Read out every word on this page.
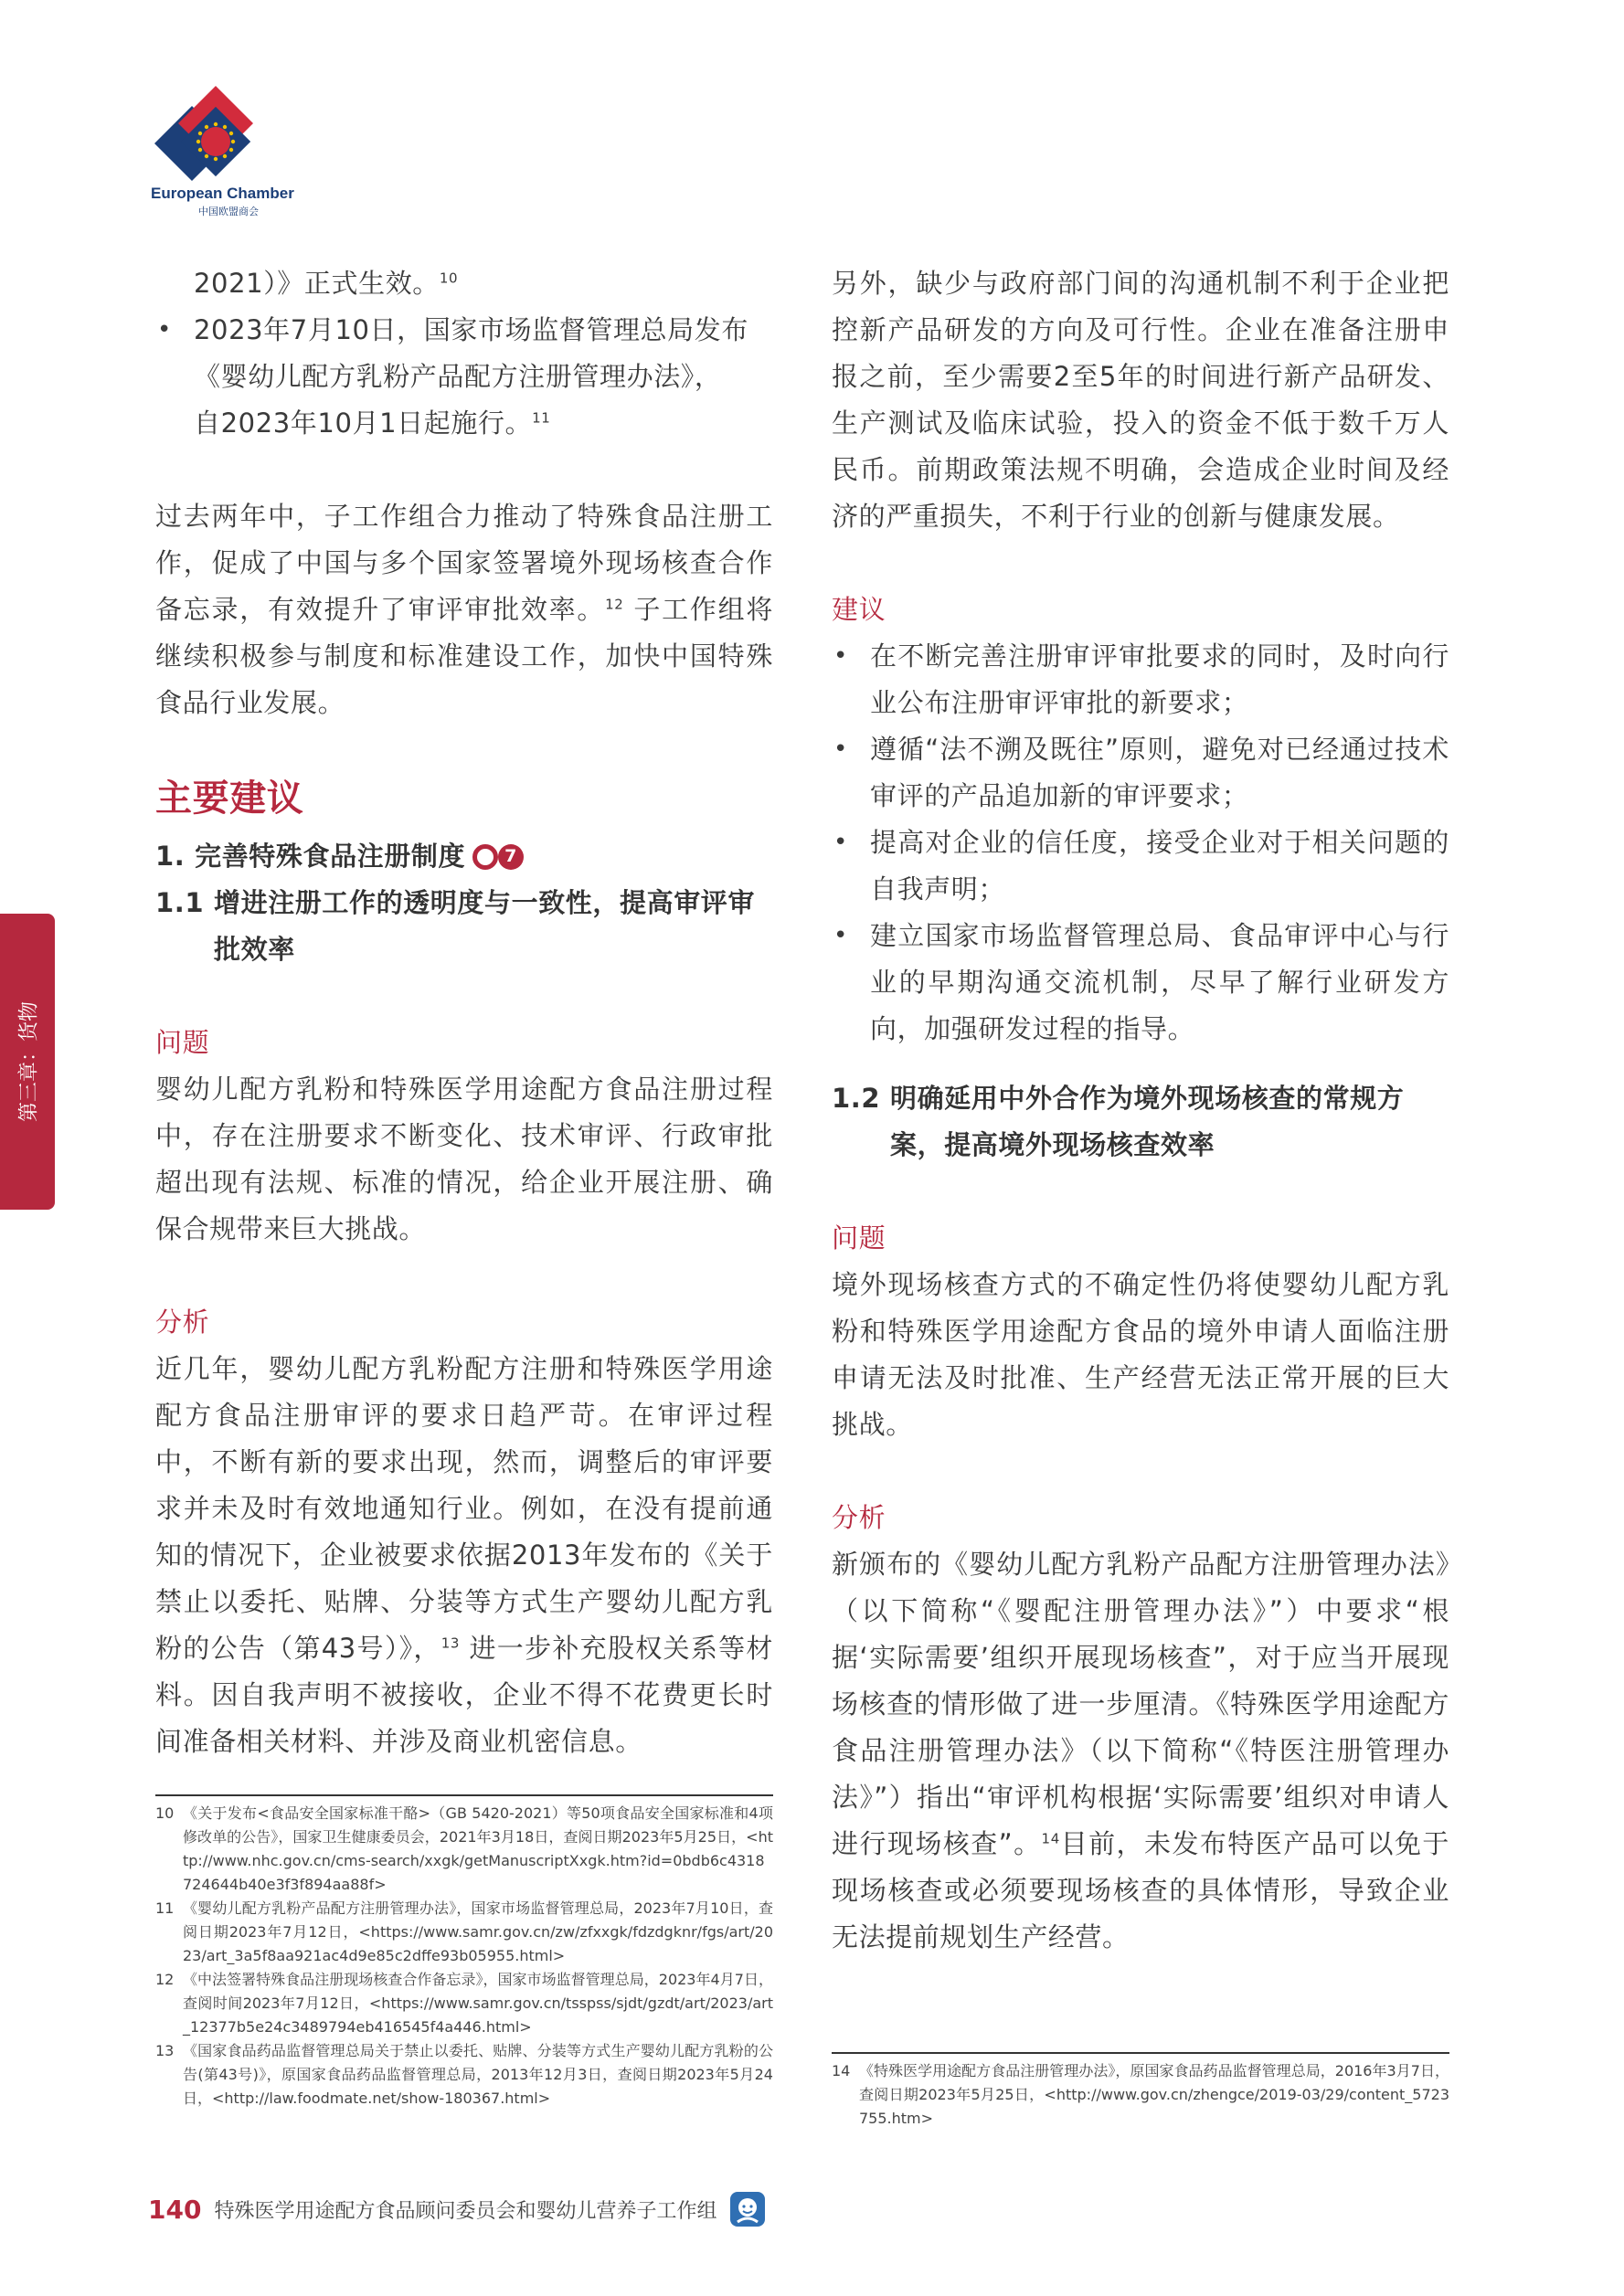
European Chamber
中国欧盟商会
第三章：货物
2021）》正式生效。$^{10}$
• 2023年7月10日，国家市场监督管理总局发布
《婴幼儿配方乳粉产品配方注册管理办法》，
自2023年10月1日起施行。$^{11}$

过去两年中，子工作组合力推动了特殊食品注册工作，促成了中国与多个国家签署境外现场核查合作备忘录，有效提升了审评审批效率。$^{12}$ 子工作组将继续积极参与制度和标准建设工作，加快中国特殊食品行业发展。

主要建议
1. 完善特殊食品注册制度	7
1.1 增进注册工作的透明度与一致性，提高审评审批效率
问题

婴幼儿配方乳粉和特殊医学用途配方食品注册过程中，存在注册要求不断变化、技术审评、行政审批超出现有法规、标准的情况，给企业开展注册、确保合规带来巨大挑战。

分析

近几年，婴幼儿配方乳粉配方注册和特殊医学用途配方食品注册审评的要求日趋严苛。在审评过程中，不断有新的要求出现，然而，调整后的审评要求并未及时有效地通知行业。例如，在没有提前通知的情况下，企业被要求依据2013年发布的《关于禁止以委托、贴牌、分装等方式生产婴幼儿配方乳粉的公告（第43号）》，$^{13}$ 进一步补充股权关系等材料。因自我声明不被接收，企业不得不花费更长时间准备相关材料、并涉及商业机密信息。

另外，缺少与政府部门间的沟通机制不利于企业把控新产品研发的方向及可行性。企业在准备注册申报之前，至少需要2至5年的时间进行新产品研发、生产测试及临床试验，投入的资金不低于数千万人民币。前期政策法规不明确，会造成企业时间及经济的严重损失，不利于行业的创新与健康发展。

建议
• 在不断完善注册审评审批要求的同时，及时向行业公布注册审评审批的新要求；
• 遵循“法不溯及既往”原则，避免对已经通过技术审评的产品追加新的审评要求；
• 提高对企业的信任度，接受企业对于相关问题的自我声明；
• 建立国家市场监督管理总局、食品审评中心与行业的早期沟通交流机制，尽早了解行业研发方向，加强研发过程的指导。
1.2 明确延用中外合作为境外现场核查的常规方案，提高境外现场核查效率
问题

境外现场核查方式的不确定性仍将使婴幼儿配方乳粉和特殊医学用途配方食品的境外申请人面临注册申请无法及时批准、生产经营无法正常开展的巨大挑战。

分析

新颁布的《婴幼儿配方乳粉产品配方注册管理办法》（以下简称“《婴配注册管理办法》”）中要求“根据‘实际需要’组织开展现场核查”，对于应当开展现场核查的情形做了进一步厘清。《特殊医学用途配方食品注册管理办法》（以下简称“《特医注册管理办法》”）指出“审评机构根据‘实际需要’组织对申请人进行现场核查”。$^{14}$目前，未发布特医产品可以免于现场核查或必须要现场核查的具体情形，导致企业无法提前规划生产经营。

10 《关于发布<食品安全国家标准干酪>（GB 5420-2021）等50项食品安全国家标准和4项修改单的公告》，国家卫生健康委员会，2021年3月18日，查阅日期2023年5月25日，<http://www.nhc.gov.cn/cms-search/xxgk/getManuscriptXxgk.htm?id=0bdb6c4318724644b40e3f3f894aa88f>
11 《婴幼儿配方乳粉产品配方注册管理办法》，国家市场监督管理总局，2023年7月10日，查阅日期2023年7月12日，<https://www.samr.gov.cn/zw/zfxxgk/fdzdgknr/fgs/art/2023/art_3a5f8aa921ac4d9e85c2dffe93b05955.html>
12 《中法签署特殊食品注册现场核查合作备忘录》，国家市场监督管理总局，2023年4月7日，查阅时间2023年7月12日，<https://www.samr.gov.cn/tsspss/sjdt/gzdt/art/2023/art_12377b5e24c3489794eb416545f4a446.html>
13 《国家食品药品监督管理总局关于禁止以委托、贴牌、分装等方式生产婴幼儿配方乳粉的公告(第43号)》，原国家食品药品监督管理总局，2013年12月3日，查阅日期2023年5月24日，<http://law.foodmate.net/show-180367.html>
14 《特殊医学用途配方食品注册管理办法》，原国家食品药品监督管理总局，2016年3月7日，查阅日期2023年5月25日，<http://www.gov.cn/zhengce/2019-03/29/content_5723755.htm>
140 特殊医学用途配方食品顾问委员会和婴幼儿营养子工作组
